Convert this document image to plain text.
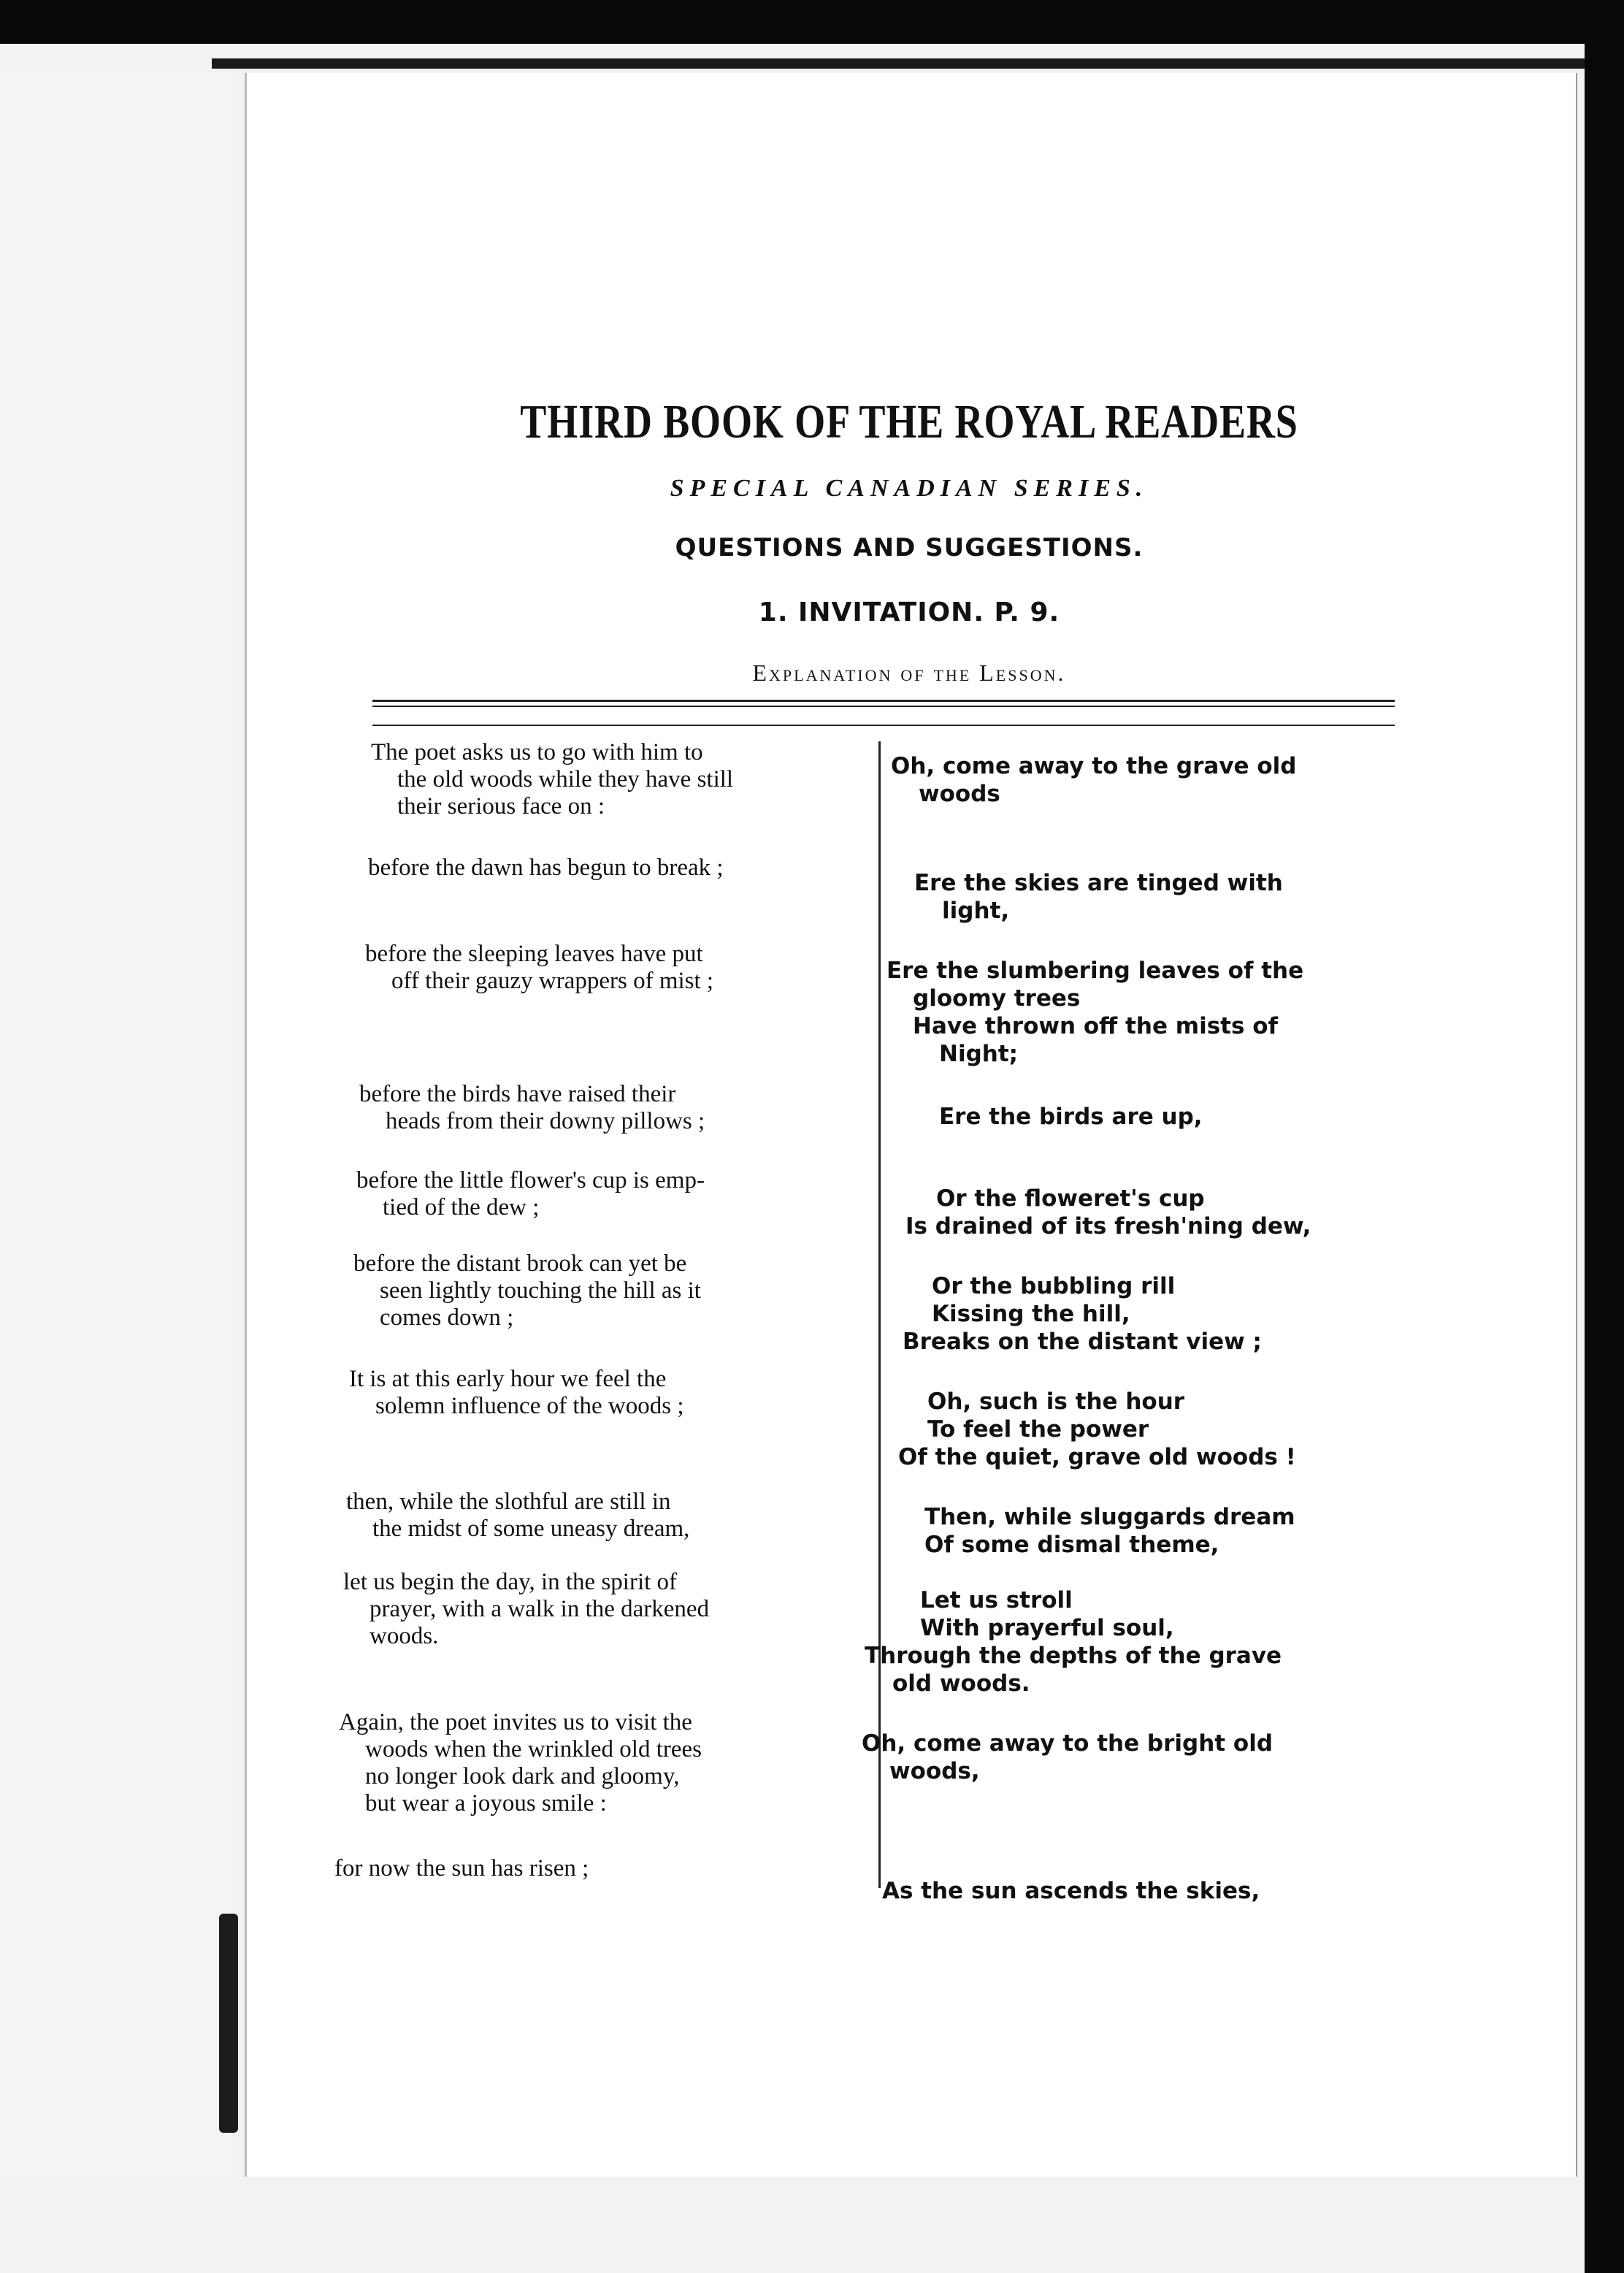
THIRD BOOK OF THE ROYAL READERS
SPECIAL CANADIAN SERIES.
QUESTIONS AND SUGGESTIONS.
1. INVITATION. P. 9.
Explanation of the Lesson.
The poet asks us to go with him to
the old woods while they have still
their serious face on :
before the dawn has begun to break ;
before the sleeping leaves have put
off their gauzy wrappers of mist ;
before the birds have raised their
heads from their downy pillows ;
before the little flower's cup is emp-
tied of the dew ;
before the distant brook can yet be
seen lightly touching the hill as it
comes down ;
It is at this early hour we feel the
solemn influence of the woods ;
then, while the slothful are still in
the midst of some uneasy dream,
let us begin the day, in the spirit of
prayer, with a walk in the darkened
woods.
Again, the poet invites us to visit the
woods when the wrinkled old trees
no longer look dark and gloomy,
but wear a joyous smile :
for now the sun has risen ;
Oh, come away to the grave old
woods
Ere the skies are tinged with
light,
Ere the slumbering leaves of the
gloomy trees
Have thrown off the mists of
Night;
Ere the birds are up,
Or the floweret's cup
Is drained of its fresh'ning dew,
Or the bubbling rill
Kissing the hill,
Breaks on the distant view ;
Oh, such is the hour
To feel the power
Of the quiet, grave old woods !
Then, while sluggards dream
Of some dismal theme,
Let us stroll
With prayerful soul,
Through the depths of the grave
old woods.
Oh, come away to the bright old
woods,
As the sun ascends the skies,
